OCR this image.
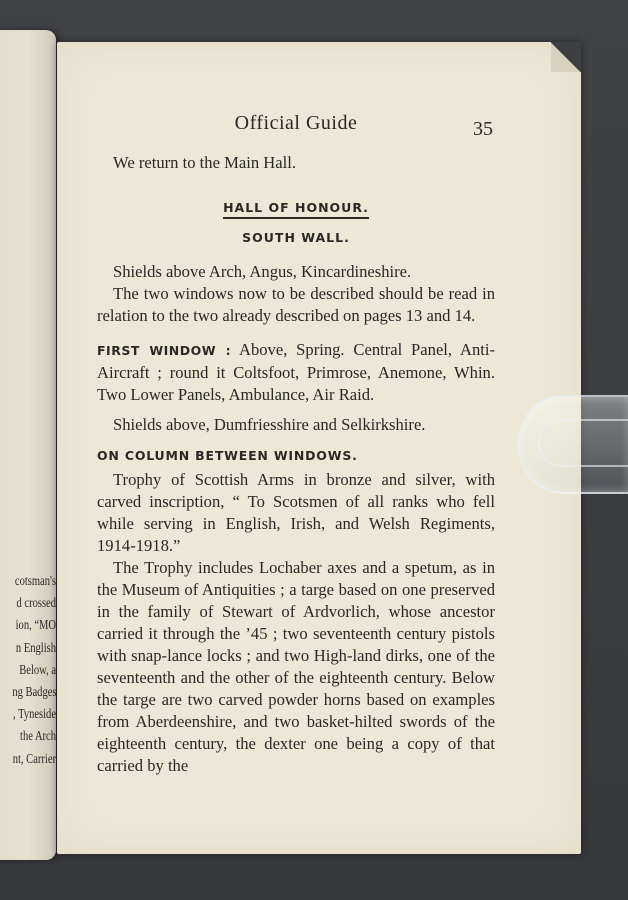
cotsman's
d crossed
ion, “MO
n English
Below, a
ng Badges
, Tyneside
the Arch
nt, Carrier
Official Guide	35

We return to the Main Hall.

HALL OF HONOUR.
SOUTH WALL.

Shields above Arch, Angus, Kincardineshire.

The two windows now to be described should be read in relation to the two already described on pages 13 and 14.

FIRST WINDOW : Above, Spring. Central Panel, Anti-Aircraft ; round it Coltsfoot, Primrose, Anemone, Whin. Two Lower Panels, Ambulance, Air Raid.

Shields above, Dumfriesshire and Selkirkshire.

ON COLUMN BETWEEN WINDOWS.

Trophy of Scottish Arms in bronze and silver, with carved inscription, “ To Scotsmen of all ranks who fell while serving in English, Irish, and Welsh Regiments, 1914-1918.”

The Trophy includes Lochaber axes and a spetum, as in the Museum of Antiquities ; a targe based on one preserved in the family of Stewart of Ardvorlich, whose ancestor carried it through the ’45 ; two seventeenth century pistols with snap-lance locks ; and two High-land dirks, one of the seventeenth and the other of the eighteenth century. Below the targe are two carved powder horns based on examples from Aberdeenshire, and two basket-hilted swords of the eighteenth century, the dexter one being a copy of that carried by the
